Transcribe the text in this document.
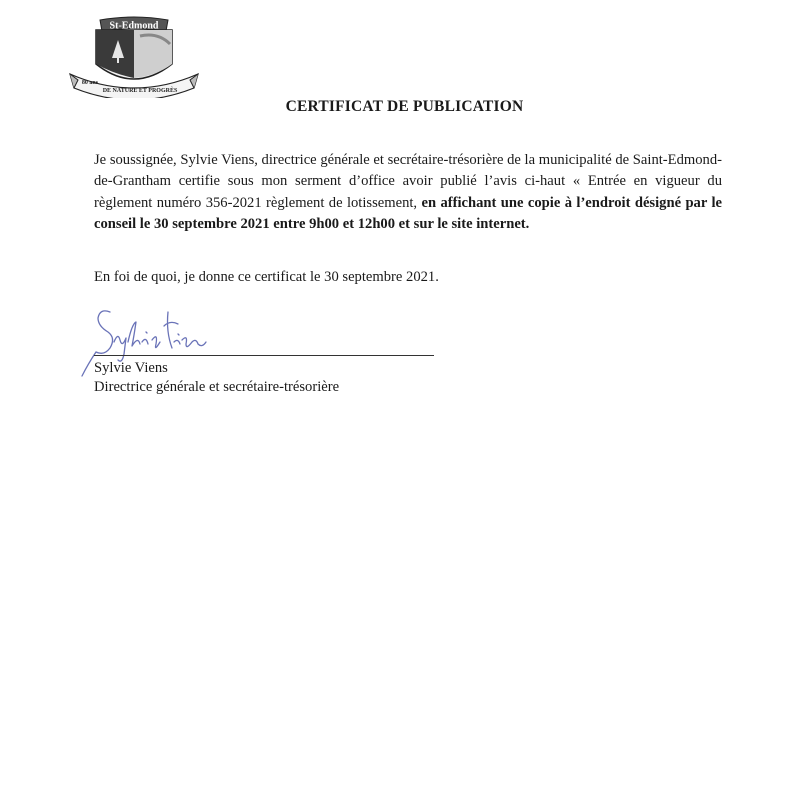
St-Edmond
80 ans
DE NATURE ET PROGRÈS
CERTIFICAT DE PUBLICATION
Je soussignée, Sylvie Viens, directrice générale et secrétaire-trésorière de la municipalité de Saint-Edmond-de-Grantham certifie sous mon serment d’office avoir publié l’avis ci-haut « Entrée en vigueur du règlement numéro 356-2021 règlement de lotissement, en affichant une copie à l’endroit désigné par le conseil le 30 septembre 2021 entre 9h00 et 12h00 et sur le site internet.
En foi de quoi, je donne ce certificat le 30 septembre 2021.
Sylvie Viens
Directrice générale et secrétaire-trésorière
